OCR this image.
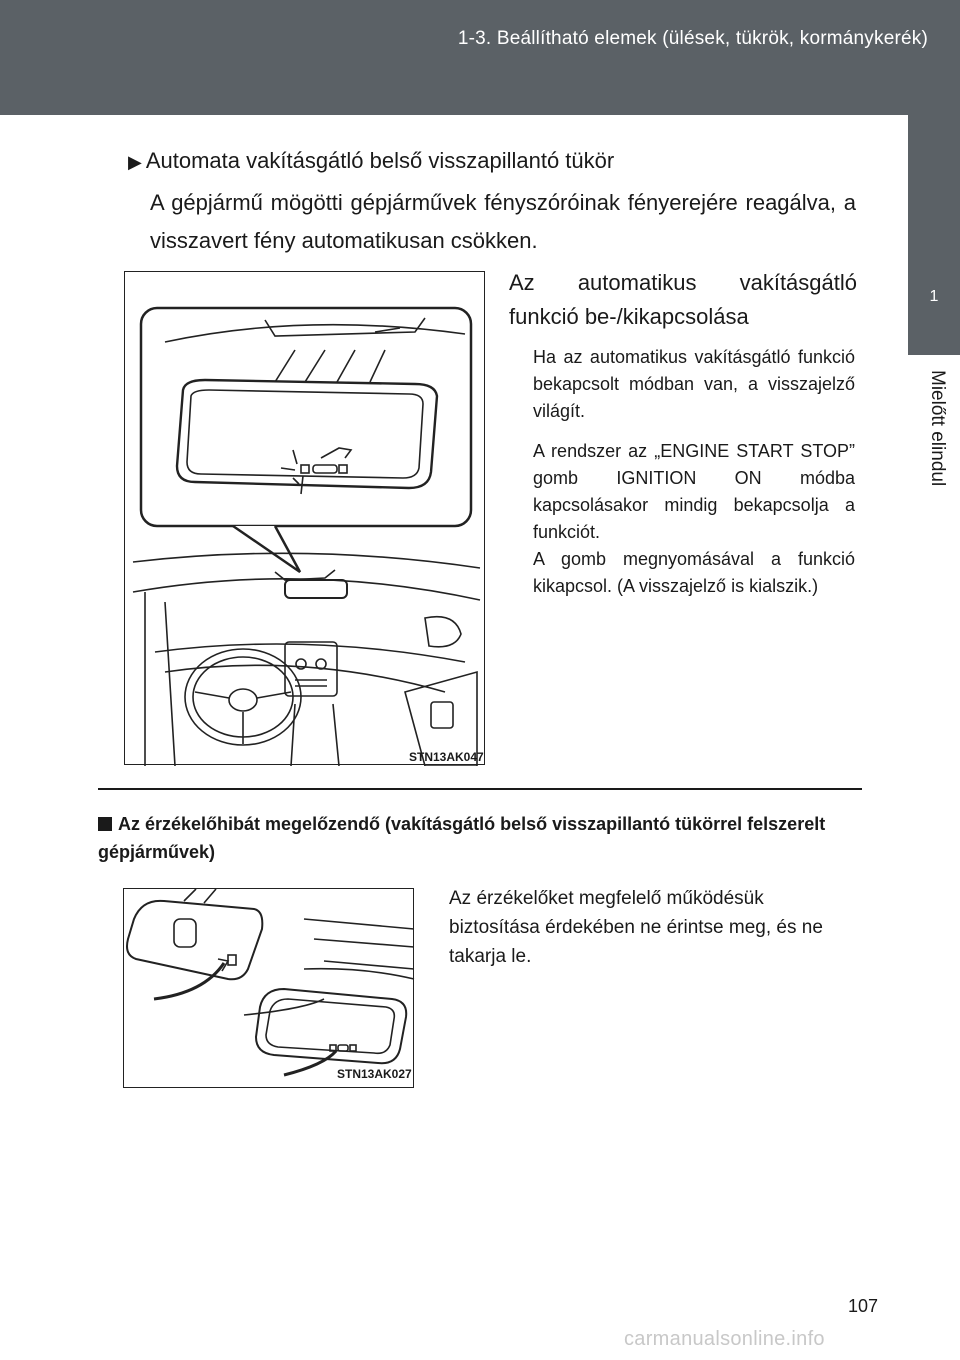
1-3. Beállítható elemek (ülések, tükrök, kormánykerék)
1
Mielőtt elindul
▶ Automata vakításgátló belső visszapillantó tükör
A gépjármű mögötti gépjárművek fényszóróinak fényerejére reagálva, a visszavert fény automatikusan csökken.
STN13AK047
Az automatikus vakításgátló funkció be-/kikapcsolása
Ha az automatikus vakításgátló funkció bekapcsolt módban van, a visszajelző világít.
A rendszer az „ENGINE START STOP” gomb IGNITION ON módba kapcsolásakor mindig bekapcsolja a funkciót.
A gomb megnyomásával a funkció kikapcsol. (A visszajelző is kialszik.)
Az érzékelőhibát megelőzendő (vakításgátló belső visszapillantó tükörrel felszerelt gépjárművek)
STN13AK027
Az érzékelőket megfelelő működésük biztosítása érdekében ne érintse meg, és ne takarja le.
107
carmanualsonline.info
